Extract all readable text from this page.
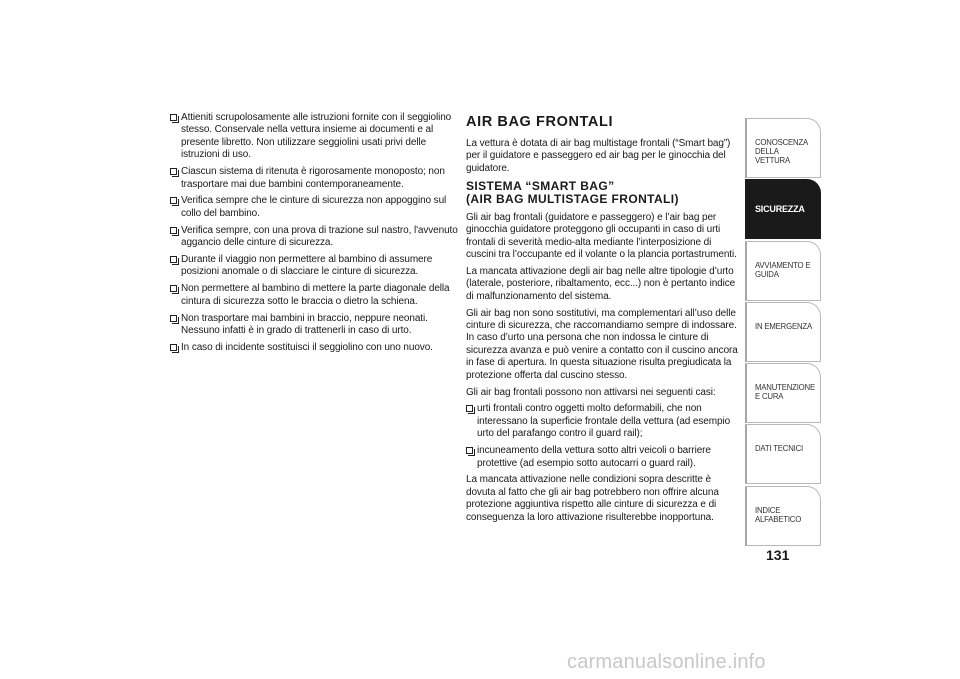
Attieniti scrupolosamente alle istruzioni fornite con il seggiolino stesso. Conservale nella vettura insieme ai documenti e al presente libretto. Non utilizzare seggiolini usati privi delle istruzioni di uso.
Ciascun sistema di ritenuta è rigorosamente monoposto; non trasportare mai due bambini contemporaneamente.
Verifica sempre che le cinture di sicurezza non appoggino sul collo del bambino.
Verifica sempre, con una prova di trazione sul nastro, l'avvenuto aggancio delle cinture di sicurezza.
Durante il viaggio non permettere al bambino di assumere posizioni anomale o di slacciare le cinture di sicurezza.
Non permettere al bambino di mettere la parte diagonale della cintura di sicurezza sotto le braccia o dietro la schiena.
Non trasportare mai bambini in braccio, neppure neonati. Nessuno infatti è in grado di trattenerli in caso di urto.
In caso di incidente sostituisci il seggiolino con uno nuovo.
AIR BAG FRONTALI

La vettura è dotata di air bag multistage frontali (“Smart bag”) per il guidatore e passeggero ed air bag per le ginocchia del guidatore.

SISTEMA “SMART BAG”
(AIR BAG MULTISTAGE FRONTALI)

Gli air bag frontali (guidatore e passeggero) e l’air bag per ginocchia guidatore proteggono gli occupanti in caso di urti frontali di severità medio-alta mediante l’interposizione di cuscini tra l’occupante ed il volante o la plancia portastrumenti.

La mancata attivazione degli air bag nelle altre tipologie d’urto (laterale, posteriore, ribaltamento, ecc...) non è pertanto indice di malfunzionamento del sistema.

Gli air bag non sono sostitutivi, ma complementari all’uso delle cinture di sicurezza, che raccomandiamo sempre di indossare. In caso d’urto una persona che non indossa le cinture di sicurezza avanza e può venire a contatto con il cuscino ancora in fase di apertura. In questa situazione risulta pregiudicata la protezione offerta dal cuscino stesso.

Gli air bag frontali possono non attivarsi nei seguenti casi:

urti frontali contro oggetti molto deformabili, che non interessano la superficie frontale della vettura (ad esempio urto del parafango contro il guard rail);
incuneamento della vettura sotto altri veicoli o barriere protettive (ad esempio sotto autocarri o guard rail).

La mancata attivazione nelle condizioni sopra descritte è dovuta al fatto che gli air bag potrebbero non offrire alcuna protezione aggiuntiva rispetto alle cinture di sicurezza e di conseguenza la loro attivazione risulterebbe inopportuna.

CONOSCENZA DELLA VETTURA
SICUREZZA
AVVIAMENTO E GUIDA
IN EMERGENZA
MANUTENZIONE E CURA
DATI TECNICI
INDICE ALFABETICO
131
carmanualsonline.info
